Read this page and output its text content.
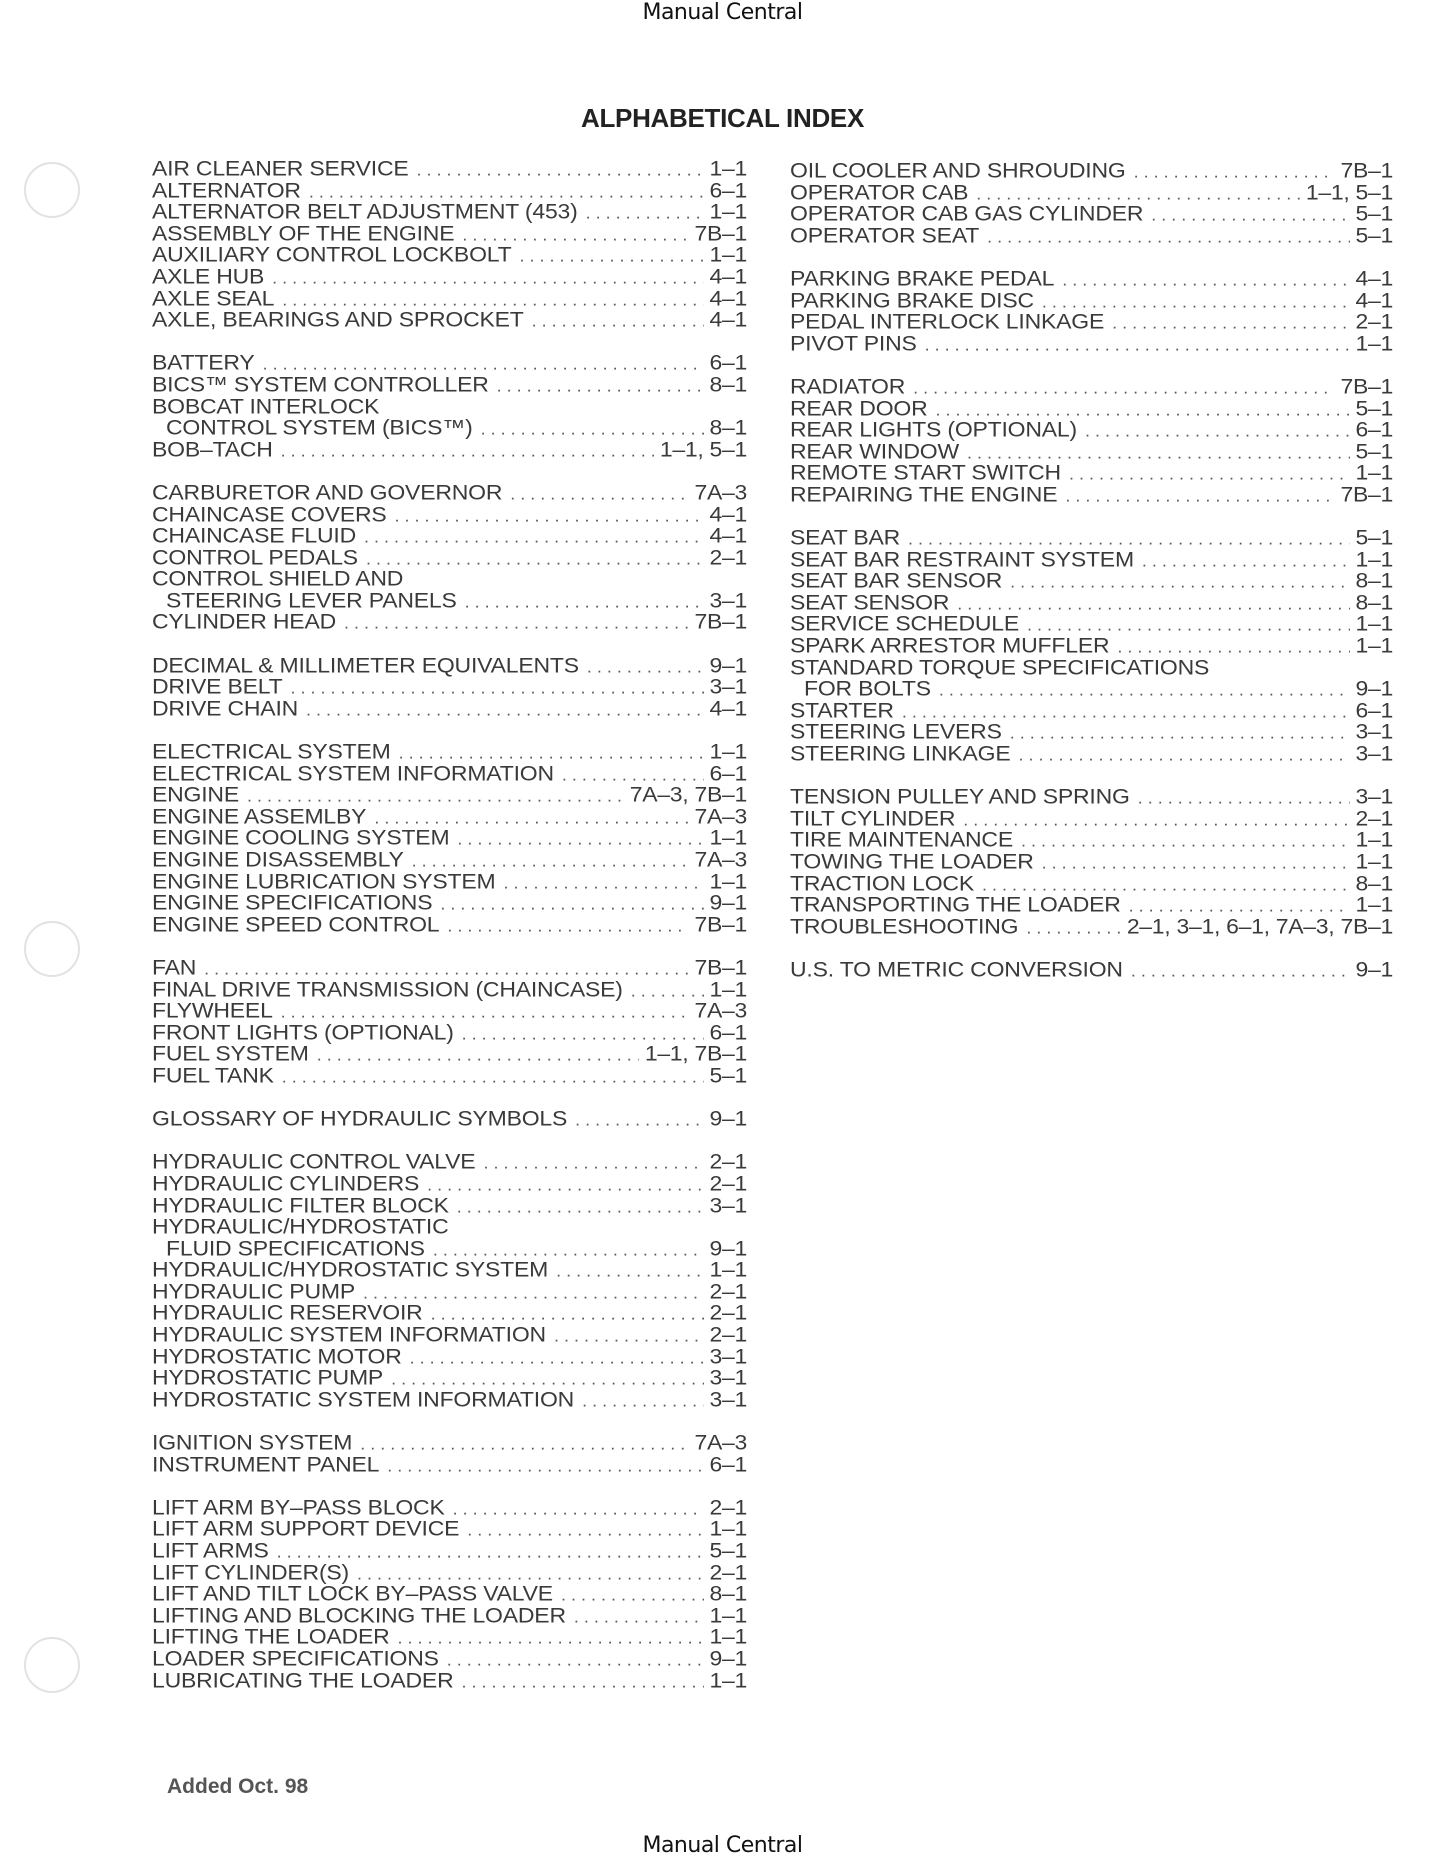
Manual Central
ALPHABETICAL INDEX
AIR CLEANER SERVICE . . .	1–1
ALTERNATOR . . .	6–1
ALTERNATOR BELT ADJUSTMENT (453) . . .	1–1
ASSEMBLY OF THE ENGINE . . .	7B–1
AUXILIARY CONTROL LOCKBOLT . . .	1–1
AXLE HUB . . .	4–1
AXLE SEAL . . .	4–1
AXLE, BEARINGS AND SPROCKET . . .	4–1
BATTERY . . .	6–1
BICS™ SYSTEM CONTROLLER . . .	8–1
BOBCAT INTERLOCK
CONTROL SYSTEM (BICS™) . . .	8–1
BOB–TACH . . .	1–1, 5–1
CARBURETOR AND GOVERNOR . . .	7A–3
CHAINCASE COVERS . . .	4–1
CHAINCASE FLUID . . .	4–1
CONTROL PEDALS . . .	2–1
CONTROL SHIELD AND
STEERING LEVER PANELS . . .	3–1
CYLINDER HEAD . . .	7B–1
DECIMAL & MILLIMETER EQUIVALENTS . . .	9–1
DRIVE BELT . . .	3–1
DRIVE CHAIN . . .	4–1
ELECTRICAL SYSTEM . . .	1–1
ELECTRICAL SYSTEM INFORMATION . . .	6–1
ENGINE . . .	7A–3, 7B–1
ENGINE ASSEMLBY . . .	7A–3
ENGINE COOLING SYSTEM . . .	1–1
ENGINE DISASSEMBLY . . .	7A–3
ENGINE LUBRICATION SYSTEM . . .	1–1
ENGINE SPECIFICATIONS . . .	9–1
ENGINE SPEED CONTROL . . .	7B–1
FAN . . .	7B–1
FINAL DRIVE TRANSMISSION (CHAINCASE) . . .	1–1
FLYWHEEL . . .	7A–3
FRONT LIGHTS (OPTIONAL) . . .	6–1
FUEL SYSTEM . . .	1–1, 7B–1
FUEL TANK . . .	5–1
GLOSSARY OF HYDRAULIC SYMBOLS . . .	9–1
HYDRAULIC CONTROL VALVE . . .	2–1
HYDRAULIC CYLINDERS . . .	2–1
HYDRAULIC FILTER BLOCK . . .	3–1
HYDRAULIC/HYDROSTATIC
FLUID SPECIFICATIONS . . .	9–1
HYDRAULIC/HYDROSTATIC SYSTEM . . .	1–1
HYDRAULIC PUMP . . .	2–1
HYDRAULIC RESERVOIR . . .	2–1
HYDRAULIC SYSTEM INFORMATION . . .	2–1
HYDROSTATIC MOTOR . . .	3–1
HYDROSTATIC PUMP . . .	3–1
HYDROSTATIC SYSTEM INFORMATION . . .	3–1
IGNITION SYSTEM . . .	7A–3
INSTRUMENT PANEL . . .	6–1
LIFT ARM BY–PASS BLOCK . . .	2–1
LIFT ARM SUPPORT DEVICE . . .	1–1
LIFT ARMS . . .	5–1
LIFT CYLINDER(S) . . .	2–1
LIFT AND TILT LOCK BY–PASS VALVE . . .	8–1
LIFTING AND BLOCKING THE LOADER . . .	1–1
LIFTING THE LOADER . . .	1–1
LOADER SPECIFICATIONS . . .	9–1
LUBRICATING THE LOADER . . .	1–1
OIL COOLER AND SHROUDING . . .	7B–1
OPERATOR CAB . . .	1–1, 5–1
OPERATOR CAB GAS CYLINDER . . .	5–1
OPERATOR SEAT . . .	5–1
PARKING BRAKE PEDAL . . .	4–1
PARKING BRAKE DISC . . .	4–1
PEDAL INTERLOCK LINKAGE . . .	2–1
PIVOT PINS . . .	1–1
RADIATOR . . .	7B–1
REAR DOOR . . .	5–1
REAR LIGHTS (OPTIONAL) . . .	6–1
REAR WINDOW . . .	5–1
REMOTE START SWITCH . . .	1–1
REPAIRING THE ENGINE . . .	7B–1
SEAT BAR . . .	5–1
SEAT BAR RESTRAINT SYSTEM . . .	1–1
SEAT BAR SENSOR . . .	8–1
SEAT SENSOR . . .	8–1
SERVICE SCHEDULE . . .	1–1
SPARK ARRESTOR MUFFLER . . .	1–1
STANDARD TORQUE SPECIFICATIONS
FOR BOLTS . . .	9–1
STARTER . . .	6–1
STEERING LEVERS . . .	3–1
STEERING LINKAGE . . .	3–1
TENSION PULLEY AND SPRING . . .	3–1
TILT CYLINDER . . .	2–1
TIRE MAINTENANCE . . .	1–1
TOWING THE LOADER . . .	1–1
TRACTION LOCK . . .	8–1
TRANSPORTING THE LOADER . . .	1–1
TROUBLESHOOTING . . .	2–1, 3–1, 6–1, 7A–3, 7B–1
U.S. TO METRIC CONVERSION . . .	9–1
Added Oct. 98
Manual Central
